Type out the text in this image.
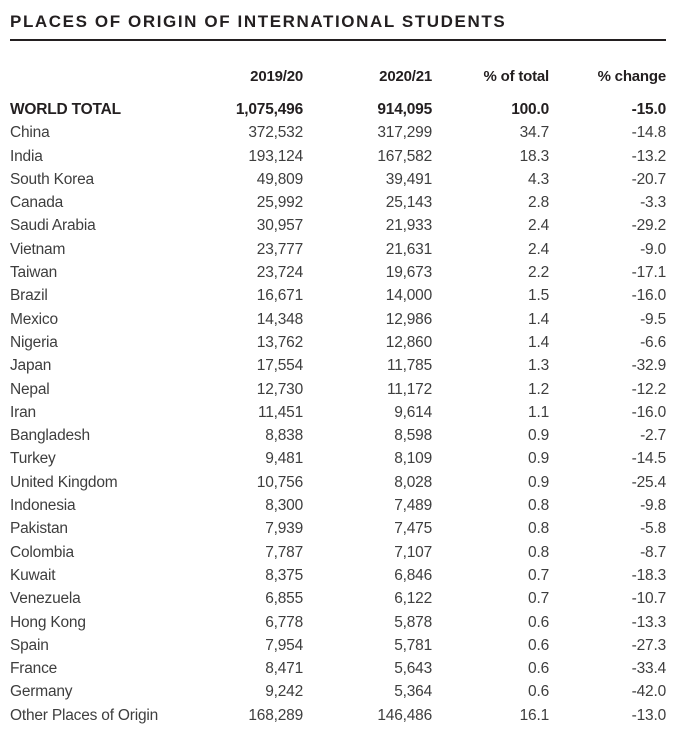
PLACES OF ORIGIN OF INTERNATIONAL STUDENTS
	2019/20	2020/21	% of total	% change
WORLD TOTAL	1,075,496	914,095	100.0	-15.0
China	372,532	317,299	34.7	-14.8
India	193,124	167,582	18.3	-13.2
South Korea	49,809	39,491	4.3	-20.7
Canada	25,992	25,143	2.8	-3.3
Saudi Arabia	30,957	21,933	2.4	-29.2
Vietnam	23,777	21,631	2.4	-9.0
Taiwan	23,724	19,673	2.2	-17.1
Brazil	16,671	14,000	1.5	-16.0
Mexico	14,348	12,986	1.4	-9.5
Nigeria	13,762	12,860	1.4	-6.6
Japan	17,554	11,785	1.3	-32.9
Nepal	12,730	11,172	1.2	-12.2
Iran	11,451	9,614	1.1	-16.0
Bangladesh	8,838	8,598	0.9	-2.7
Turkey	9,481	8,109	0.9	-14.5
United Kingdom	10,756	8,028	0.9	-25.4
Indonesia	8,300	7,489	0.8	-9.8
Pakistan	7,939	7,475	0.8	-5.8
Colombia	7,787	7,107	0.8	-8.7
Kuwait	8,375	6,846	0.7	-18.3
Venezuela	6,855	6,122	0.7	-10.7
Hong Kong	6,778	5,878	0.6	-13.3
Spain	7,954	5,781	0.6	-27.3
France	8,471	5,643	0.6	-33.4
Germany	9,242	5,364	0.6	-42.0
Other Places of Origin	168,289	146,486	16.1	-13.0
